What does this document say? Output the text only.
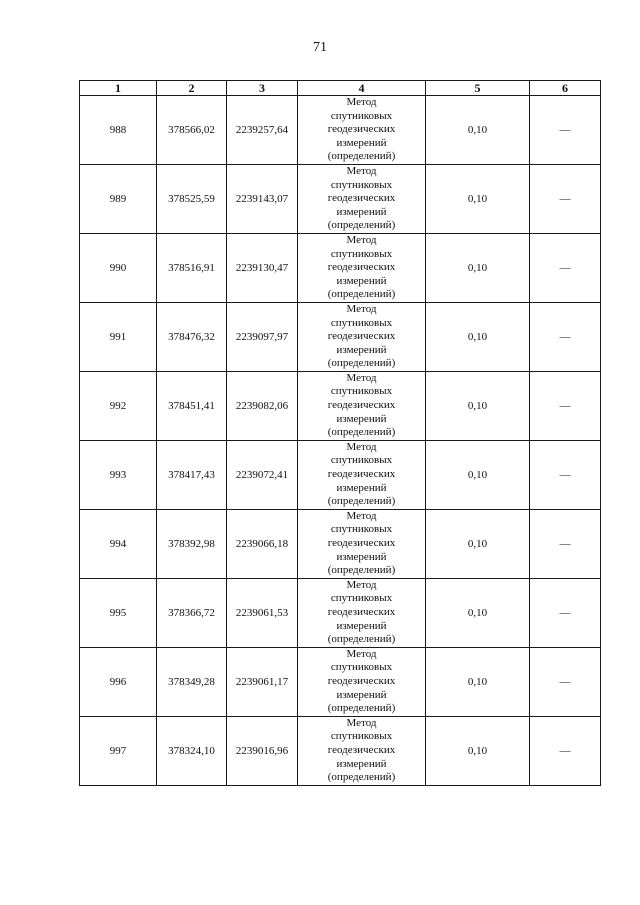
71
1	2	3	4	5	6
988	378566,02	2239257,64	Метод
спутниковых
геодезических
измерений
(определений)	0,10	—
989	378525,59	2239143,07	Метод
спутниковых
геодезических
измерений
(определений)	0,10	—
990	378516,91	2239130,47	Метод
спутниковых
геодезических
измерений
(определений)	0,10	—
991	378476,32	2239097,97	Метод
спутниковых
геодезических
измерений
(определений)	0,10	—
992	378451,41	2239082,06	Метод
спутниковых
геодезических
измерений
(определений)	0,10	—
993	378417,43	2239072,41	Метод
спутниковых
геодезических
измерений
(определений)	0,10	—
994	378392,98	2239066,18	Метод
спутниковых
геодезических
измерений
(определений)	0,10	—
995	378366,72	2239061,53	Метод
спутниковых
геодезических
измерений
(определений)	0,10	—
996	378349,28	2239061,17	Метод
спутниковых
геодезических
измерений
(определений)	0,10	—
997	378324,10	2239016,96	Метод
спутниковых
геодезических
измерений
(определений)	0,10	—
